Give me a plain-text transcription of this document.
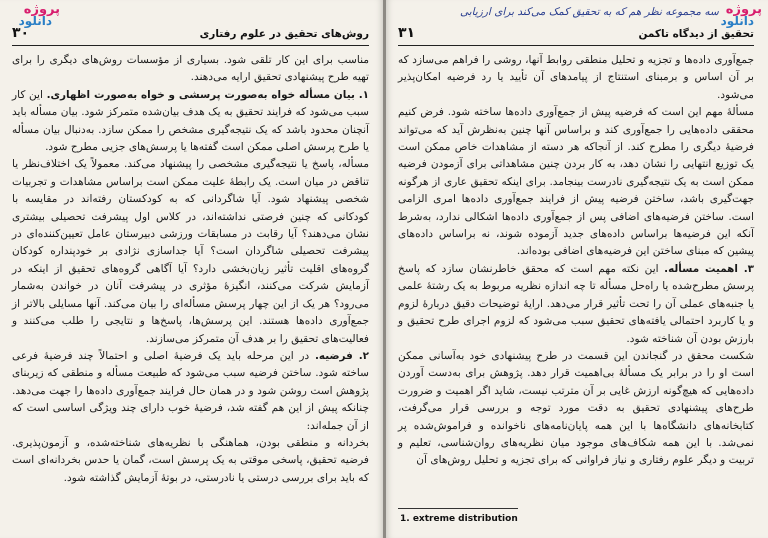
پروژه
دانلود
روش‌های تحقیق در علوم رفتاری
۳۰

مناسب برای این کار تلقی شود. بسیاری از مؤسسات روش‌های دیگری را برای تهیه طرح پیشنهادی تحقیق ارایه می‌دهند.

۱. بیان مسأله خواه به‌صورت پرسشی و خواه به‌صورت اظهاری. این کار سبب می‌شود که فرایند تحقیق به یک هدف بیان‌شده متمرکز شود. بیان مسأله باید آنچنان محدود باشد که یک نتیجه‌گیری مشخص را ممکن سازد. به‌دنبال بیان مسأله یا طرح پرسش اصلی ممکن است گفته‌ها یا پرسش‌های جزیی مطرح شود.

مسأله، پاسخ یا نتیجه‌گیری مشخصی را پیشنهاد می‌کند. معمولاً یک اختلاف‌نظر یا تناقض در میان است. یک رابطهٔ علیت ممکن است براساس مشاهدات و تجربیات شخصی پیشنهاد شود. آیا شاگردانی که به کودکستان رفته‌اند در مقایسه با کودکانی که چنین فرصتی نداشته‌اند، در کلاس اول پیشرفت تحصیلی بیشتری نشان می‌دهند؟ آیا رقابت در مسابقات ورزشی دبیرستان عامل تعیین‌کننده‌ای در پیشرفت تحصیلی شاگردان است؟ آیا جداسازی نژادی بر خودپنداره کودکان گروه‌های اقلیت تأثیر زیان‌بخشی دارد؟ آیا آگاهی گروه‌های تحقیق از اینکه در آزمایش شرکت می‌کنند، انگیزهٔ مؤثری در پیشرفت آنان در خواندن به‌شمار می‌رود؟ هر یک از این چهار پرسش مسأله‌ای را بیان می‌کند. آنها مسایلی بالاتر از جمع‌آوری داده‌ها هستند. این پرسش‌ها، پاسخ‌ها و نتایجی را طلب می‌کنند و فعالیت‌های تحقیق را بر هدف آن متمرکز می‌سازند.

۲. فرضیه. در این مرحله باید یک فرضیهٔ اصلی و احتمالاً چند فرضیهٔ فرعی ساخته شود. ساختن فرضیه سبب می‌شود که طبیعت مسأله و منطقی که زیربنای پژوهش است روشن شود و در همان حال فرایند جمع‌آوری داده‌ها را جهت می‌دهد. چنانکه پیش از این هم گفته شد، فرضیهٔ خوب دارای چند ویژگی اساسی است که از آن جمله‌اند:

بخردانه و منطقی بودن، هماهنگی با نظریه‌های شناخته‌شده، و آزمون‌پذیری. فرضیه تحقیق، پاسخی موقتی به یک پرسش است، گمان یا حدس بخردانه‌ای است که باید برای بررسی درستی یا نادرستی، در بوتهٔ آزمایش گذاشته شود.

پروژه
دانلود
سه مجموعه نظر هم که به تحقیق کمک می‌کند برای ارزیابی
تحقیق از دیدگاه تاکمن
۳۱

جمع‌آوری داده‌ها و تجزیه و تحلیل منطقی روابط آنها، روشی را فراهم می‌سازد که بر آن اساس و برمبنای استنتاج از پیامدهای آن تأیید یا رد فرضیه امکان‌پذیر می‌شود.

مسألهٔ مهم این است که فرضیه پیش از جمع‌آوری داده‌ها ساخته شود. فرض کنیم محققی داده‌هایی را جمع‌آوری کند و براساس آنها چنین به‌نظرش آید که می‌تواند فرضیهٔ دیگری را مطرح کند. از آنجاکه هر دسته از مشاهدات خاص ممکن است یک توزیع انتهایی را نشان دهد، به کار بردن چنین مشاهداتی برای آزمودن فرضیه ممکن است به یک نتیجه‌گیری نادرست بینجامد. برای اینکه تحقیق عاری از هرگونه جهت‌گیری باشد، ساختن فرضیه پیش از فرایند جمع‌آوری داده‌ها امری الزامی است. ساختن فرضیه‌های اضافی پس از جمع‌آوری داده‌ها اشکالی ندارد، به‌شرط آنکه این فرضیه‌ها براساس داده‌های جدید آزموده شوند، نه براساس داده‌های پیشین که مبنای ساختن این فرضیه‌های اضافی بوده‌اند.

۳. اهمیت مسأله. این نکته مهم است که محقق خاطرنشان سازد که پاسخ پرسش مطرح‌شده یا راه‌حل مسأله تا چه اندازه نظریه مربوط به یک رشتهٔ علمی یا جنبه‌های عملی آن را تحت تأثیر قرار می‌دهد. ارایهٔ توضیحات دقیق دربارهٔ لزوم و یا کاربرد احتمالی یافته‌های تحقیق سبب می‌شود که لزوم اجرای طرح تحقیق و بارزش بودن آن شناخته شود.

شکست محقق در گنجاندن این قسمت در طرح پیشنهادی خود به‌آسانی ممکن است او را در برابر یک مسألهٔ بی‌اهمیت قرار دهد. پژوهش برای به‌دست آوردن داده‌هایی که هیچ‌گونه ارزش غایی بر آن مترتب نیست، شاید اگر اهمیت و ضرورت طرح‌های پیشنهادی تحقیق به دقت مورد توجه و بررسی قرار می‌گرفت، کتابخانه‌های دانشگاه‌ها با این همه پایان‌نامه‌های ناخوانده و فراموش‌شده پر نمی‌شد. با این همه شکاف‌های موجود میان نظریه‌های روان‌شناسی، تعلیم و تربیت و دیگر علوم رفتاری و نیاز فراوانی که برای تجزیه و تحلیل روش‌های آن

1. extreme distribution
